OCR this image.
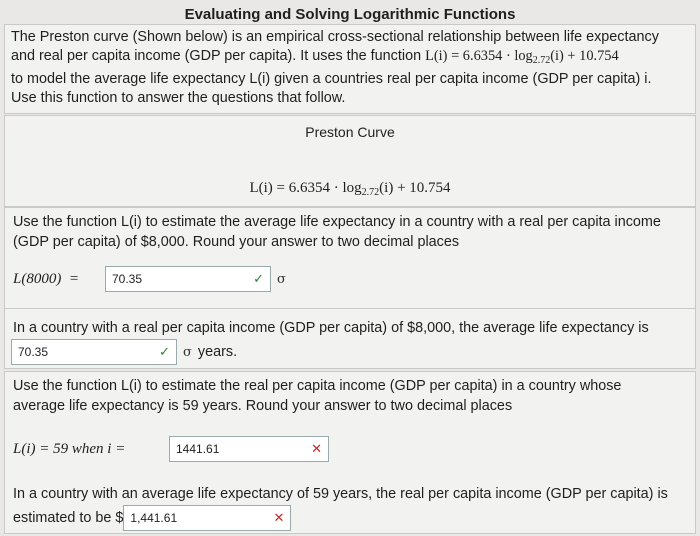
Evaluating and Solving Logarithmic Functions
The Preston curve (Shown below) is an empirical cross-sectional relationship between life expectancy
and real per capita income (GDP per capita). It uses the function $L(i) = 6.6354 \cdot \log_{2.72}(i) + 10.754$
to model the average life expectancy L(i) given a countries real per capita income (GDP per capita) i.
Use this function to answer the questions that follow.
Preston Curve
$L(i) = 6.6354 \cdot \log_{2.72}(i) + 10.754$
Use the function L(i) to estimate the average life expectancy in a country with a real per capita income
(GDP per capita) of $8,000. Round your answer to two decimal places
L(8000)  =	70.35	✓ σ
In a country with a real per capita income (GDP per capita) of $8,000, the average life expectancy is
70.35	✓ σ years.
Use the function L(i) to estimate the real per capita income (GDP per capita) in a country whose
average life expectancy is 59 years. Round your answer to two decimal places
L(i) = 59 when i =	1441.61	✕
In a country with an average life expectancy of 59 years, the real per capita income (GDP per capita) is
estimated to be $ 1,441.61	✕
